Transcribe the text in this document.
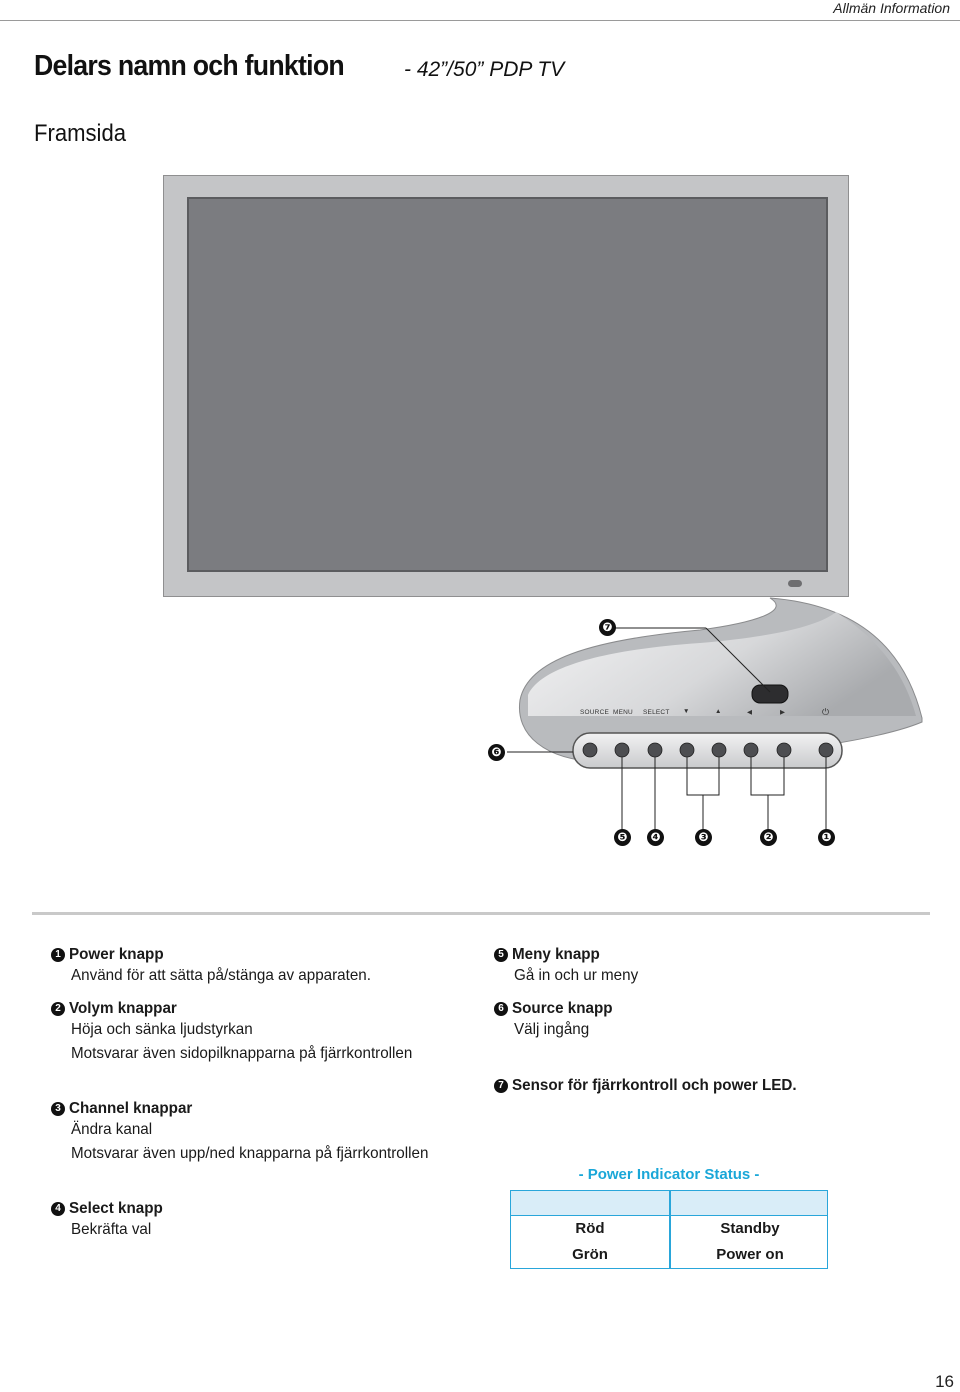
Allmän Information
Delars namn och funktion	- 42”/50” PDP TV
Framsida
SOURCE MENU SELECT ▼	▲	◀	▶	⏻
❼
❻
❺ ❹	❸	❷	❶
1 Power knapp
Använd för att sätta på/stänga av apparaten.
2 Volym knappar
Höja och sänka ljudstyrkan
Motsvarar även sidopilknapparna på fjärrkontrollen
3 Channel knappar
Ändra kanal
Motsvarar även upp/ned knapparna på fjärrkontrollen
4 Select knapp
Bekräfta val
5 Meny knapp
Gå in och ur meny
6 Source knapp
Välj ingång
7 Sensor för fjärrkontroll och power LED.
- Power Indicator Status -
Röd	Standby
Grön	Power on
16
